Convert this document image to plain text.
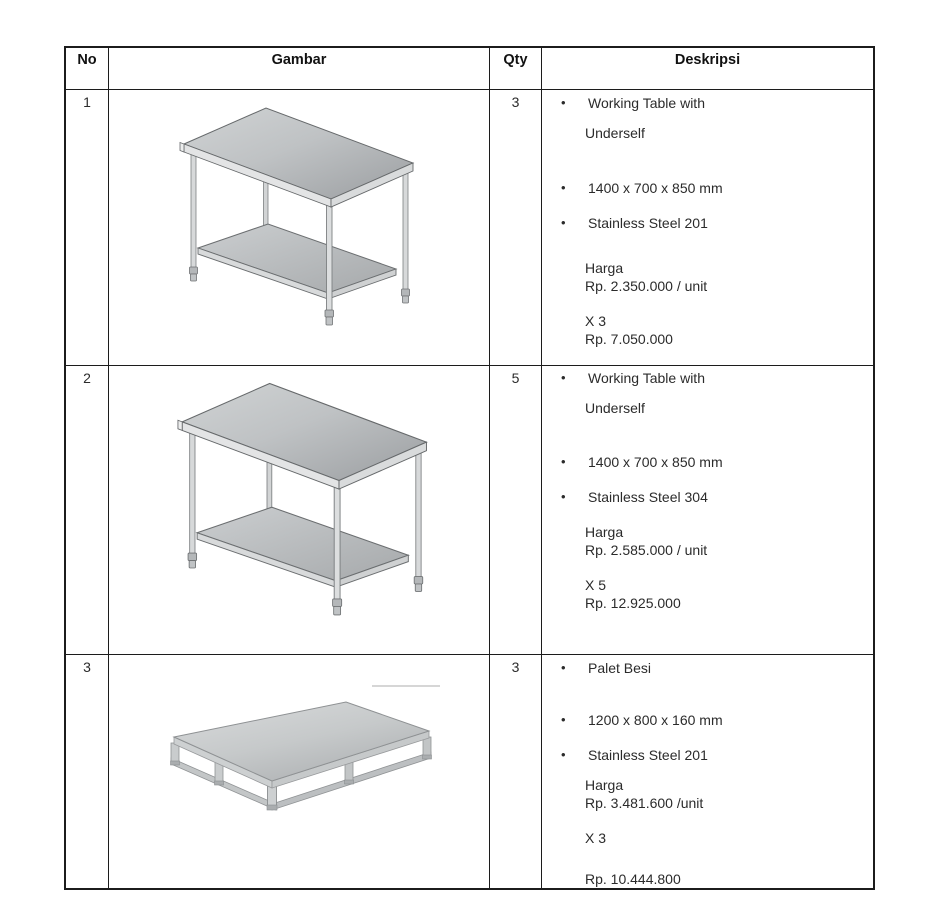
No	Gambar	Qty	Deskripsi
1	3	•	Working Table with
Underself
•	1400 x 700 x 850 mm
•	Stainless Steel 201
Harga
Rp. 2.350.000 / unit
X 3
Rp. 7.050.000
2	5	•	Working Table with
Underself
•	1400 x 700 x 850 mm
•	Stainless Steel 304
Harga
Rp. 2.585.000 / unit
X 5
Rp. 12.925.000
3	3	•	Palet Besi
•	1200 x 800 x 160 mm
•	Stainless Steel 201
Harga
Rp. 3.481.600 /unit
X 3
Rp. 10.444.800
